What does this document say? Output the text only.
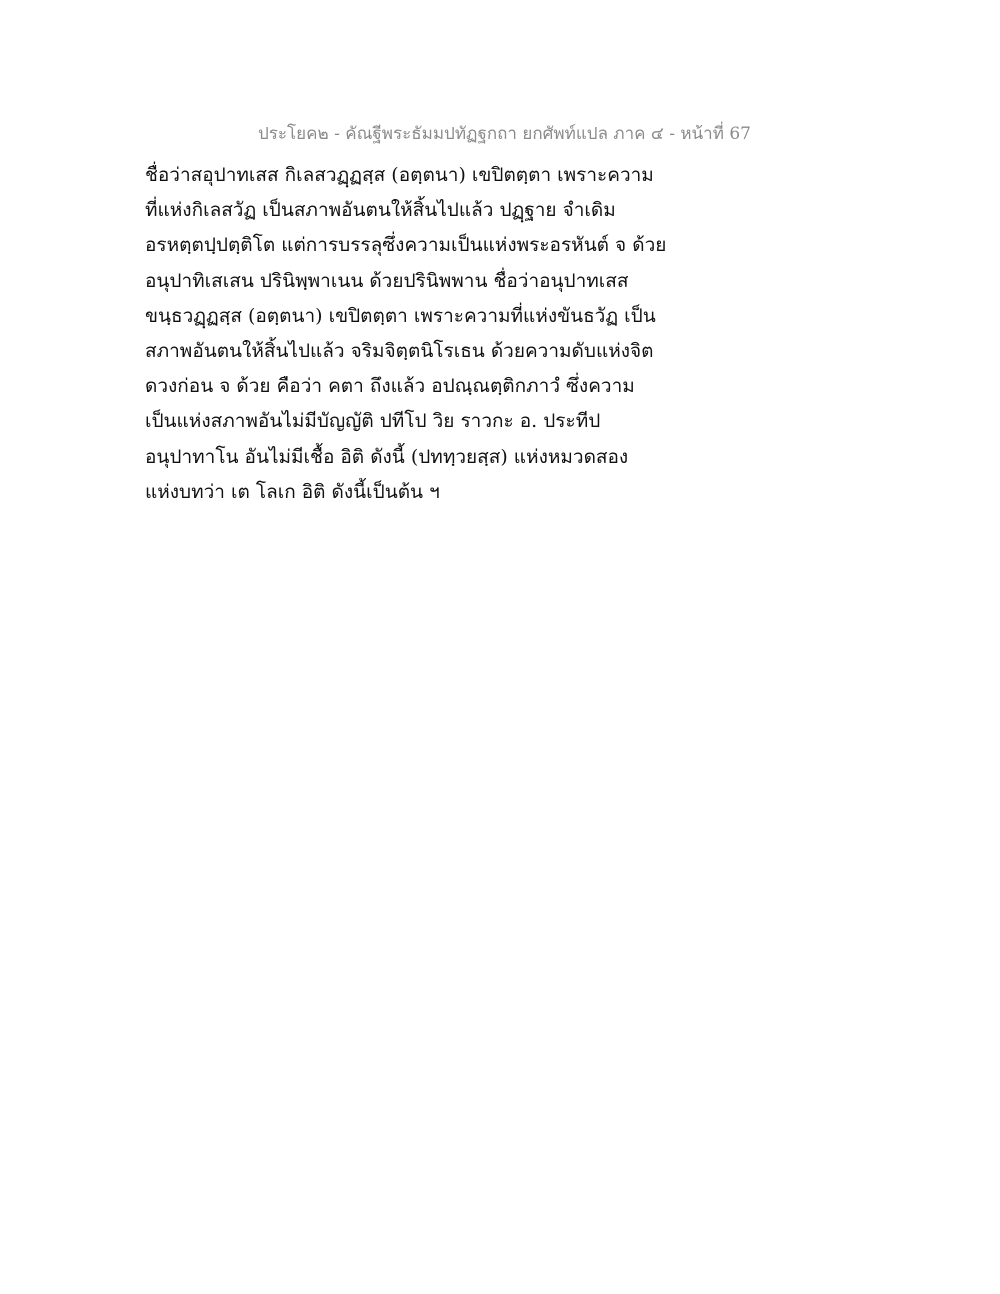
ประโยค๒ - คัณฐีพระธัมมปทัฏฐกถา ยกศัพท์แปล ภาค ๔ - หน้าที่ 67
ชื่อว่าสอุปาทเสส กิเลสวฏฺฏสฺส (อตฺตนา) เขปิตตฺตา เพราะความ
ที่แห่งกิเลสวัฏ เป็นสภาพอันตนให้สิ้นไปแล้ว ปฏฺฐาย จําเดิม
อรหตฺตปฺปตฺติโต แต่การบรรลุซึ่งความเป็นแห่งพระอรหันต์ จ ด้วย
อนุปาทิเสเสน ปรินิพฺพาเนน ด้วยปรินิพพาน ชื่อว่าอนุปาทเสส
ขนฺธวฏฺฏสฺส (อตฺตนา) เขปิตตฺตา เพราะความที่แห่งขันธวัฏ เป็น
สภาพอันตนให้สิ้นไปแล้ว จริมจิตฺตนิโรเธน ด้วยความดับแห่งจิต
ดวงก่อน จ ด้วย คือว่า คตา ถึงแล้ว อปณฺณตฺติกภาวํ ซึ่งความ
เป็นแห่งสภาพอันไม่มีบัญญัติ ปทีโป วิย ราวกะ อ. ประทีป
อนุปาทาโน อันไม่มีเชื้อ อิติ ดังนี้ (ปททฺวยสฺส) แห่งหมวดสอง
แห่งบทว่า เต โลเก อิติ ดังนี้เป็นต้น ฯ
